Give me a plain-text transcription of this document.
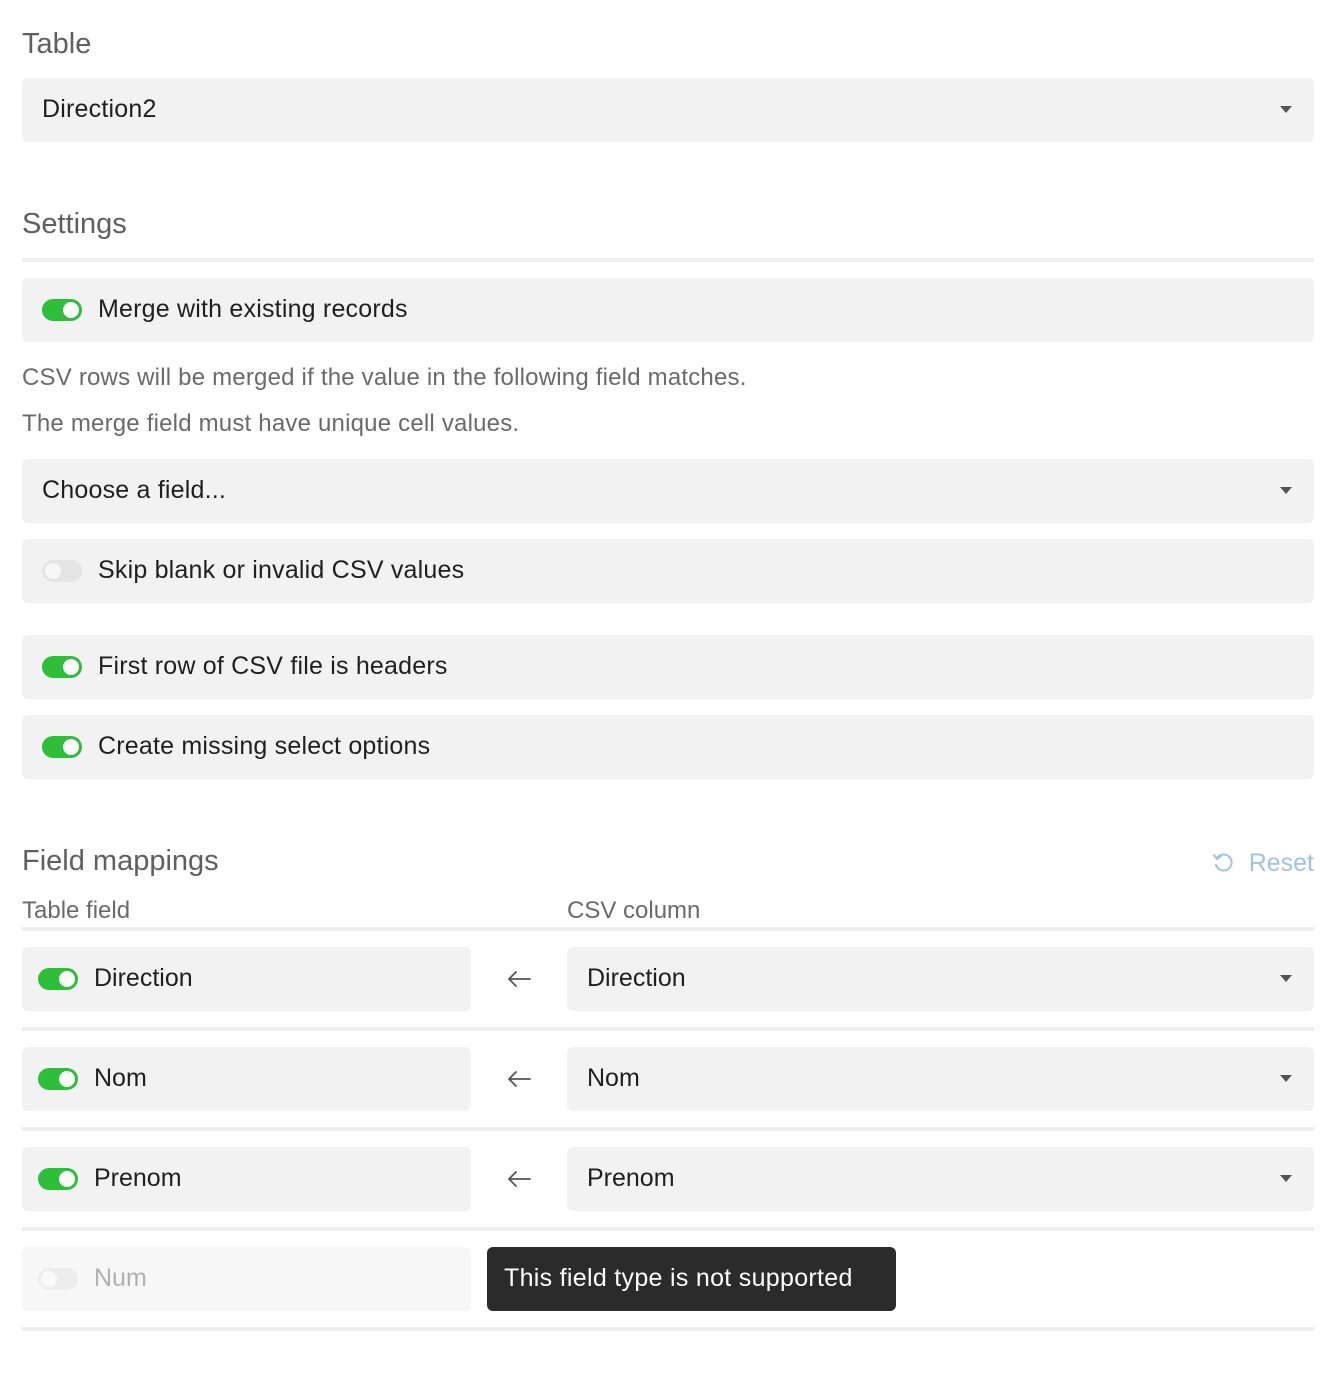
Table
Direction2
Settings
Merge with existing records
CSV rows will be merged if the value in the following field matches.
The merge field must have unique cell values.
Choose a field...
Skip blank or invalid CSV values
First row of CSV file is headers
Create missing select options
Field mappings	Reset
Table field	CSV column
Direction	Direction
Nom	Nom
Prenom	Prenom
Num	This field type is not supported
